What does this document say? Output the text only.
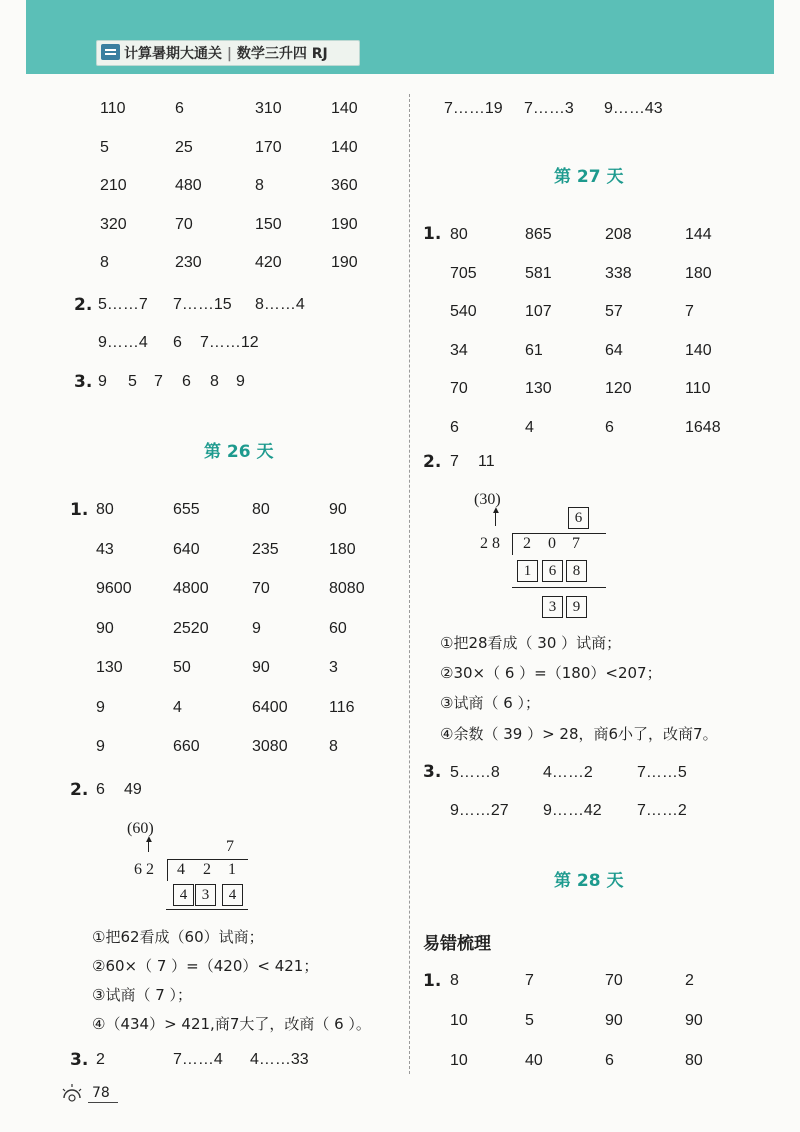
计算暑期大通关 | 数学三升四 RJ
110	6	310	140
5	25	170	140
210	480	8	360
320	70	150	190
8	230	420	190
2. 5……7 7……15 8……4
9……4 6 7……12
3. 9 5 7 6 8 9
第 26 天
1. 80	655	80	90
43	640	235	180
9600	4800	70	8080
90	2520	9	60
130	50	90	3
9	4	6400	116
9	660	3080	8
2. 6 49
(60)
▲	7
6 2 4 2 1
4 3	4
①把62看成（60）试商；
②60×（ 7 ）=（420）< 421；
③试商（ 7 ）；
④（434）> 421,商7大了，改商（ 6 ）。
3. 2	7……4 4……33
7……19 7……3 9……43
第 27 天
1. 80	865	208	144
705	581	338	180
540	107	57	7
34	61	64	140
70	130	120	110
6	4	6	1648
2. 7 11
(30)
▲	6
2 8 2 0 7
1	6	8
3	9
①把28看成（ 30 ）试商；
②30×（ 6 ）=（180）<207；
③试商（ 6 ）；
④余数（ 39 ）> 28，商6小了，改商7。
3. 5……8	4……2	7……5
9……27 9……42 7……2
第 28 天
易错梳理
1. 8	7	70	2
10	5	90	90
10	40	6	80
78
